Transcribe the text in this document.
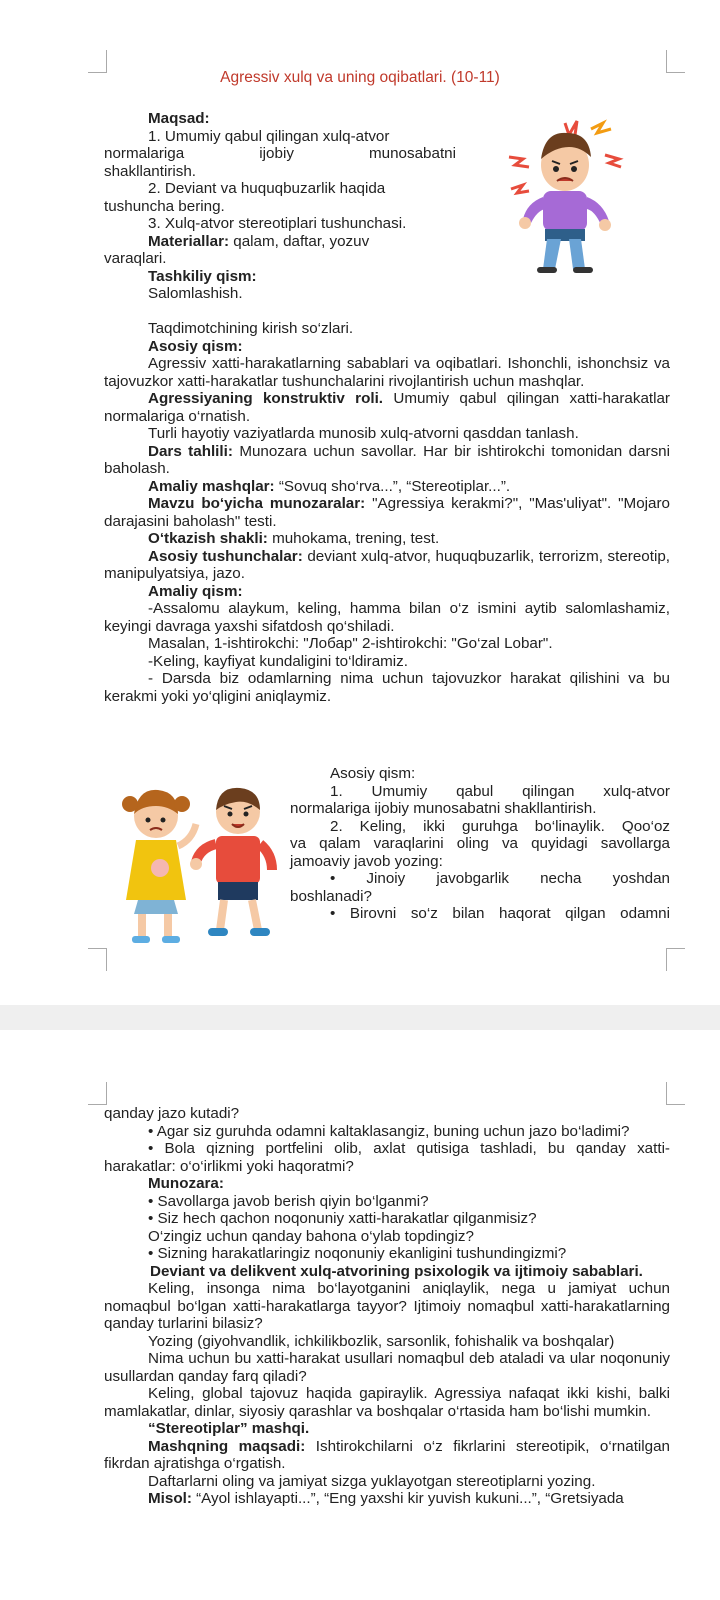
Agressiv xulq va uning oqibatlari. (10-11)

Maqsad:

1. Umumiy qabul qilingan xulq-atvor

normalariga	ijobiy	munosabatni

shakllantirish.

2. Deviant va huquqbuzarlik haqida

tushuncha bering.

3. Xulq-atvor stereotiplari tushunchasi.

Materiallar: qalam, daftar, yozuv

varaqlari.

Tashkiliy qism:

Salomlashish.

Taqdimotchining kirish so‘zlari.

Asosiy qism:

Agressiv xatti-harakatlarning sabablari va oqibatlari. Ishonchli, ishonchsiz va tajovuzkor xatti-harakatlar tushunchalarini rivojlantirish uchun mashqlar.

Agressiyaning konstruktiv roli. Umumiy qabul qilingan xatti-harakatlar normalariga o‘rnatish.

Turli hayotiy vaziyatlarda munosib xulq-atvorni qasddan tanlash.

Dars tahlili: Munozara uchun savollar. Har bir ishtirokchi tomonidan darsni baholash.

Amaliy mashqlar: “Sovuq sho‘rva...”, “Stereotiplar...”.

Mavzu bo‘yicha munozaralar: "Agressiya kerakmi?", "Mas'uliyat". "Mojaro darajasini baholash" testi.

O‘tkazish shakli: muhokama, trening, test.

Asosiy tushunchalar: deviant xulq-atvor, huquqbuzarlik, terrorizm, stereotip, manipulyatsiya, jazo.

Amaliy qism:

-Assalomu alaykum, keling, hamma bilan o‘z ismini aytib salomlashamiz, keyingi davraga yaxshi sifatdosh qo‘shiladi.

Masalan, 1-ishtirokchi: "Лобар" 2-ishtirokchi: "Go‘zal Lobar".

-Keling, kayfiyat kundaligini to‘ldiramiz.

- Darsda biz odamlarning nima uchun tajovuzkor harakat qilishini va bu kerakmi yoki yo‘qligini aniqlaymiz.

Asosiy qism:

1. Umumiy qabul qilingan xulq-atvor

normalariga ijobiy munosabatni shakllantirish.

2. Keling, ikki guruhga bo‘linaylik. Qoo‘oz

va qalam varaqlarini oling va quyidagi savollarga

jamoaviy javob yozing:

• Jinoiy javobgarlik necha yoshdan

boshlanadi?

• Birovni so‘z bilan haqorat qilgan odamni

qanday jazo kutadi?

• Agar siz guruhda odamni kaltaklasangiz, buning uchun jazo bo‘ladimi?

• Bola qizning portfelini olib, axlat qutisiga tashladi, bu qanday xatti-harakatlar: o‘o‘irlikmi yoki haqoratmi?

Munozara:

• Savollarga javob berish qiyin bo‘lganmi?

• Siz hech qachon noqonuniy xatti-harakatlar qilganmisiz?

O‘zingiz uchun qanday bahona o‘ylab topdingiz?

• Sizning harakatlaringiz noqonuniy ekanligini tushundingizmi?

Deviant va delikvent xulq-atvorining psixologik va ijtimoiy sabablari.

Keling, insonga nima bo‘layotganini aniqlaylik, nega u jamiyat uchun nomaqbul bo‘lgan xatti-harakatlarga tayyor? Ijtimoiy nomaqbul xatti-harakatlarning qanday turlarini bilasiz?

Yozing (giyohvandlik, ichkilikbozlik, sarsonlik, fohishalik va boshqalar)

Nima uchun bu xatti-harakat usullari nomaqbul deb ataladi va ular noqonuniy usullardan qanday farq qiladi?

Keling, global tajovuz haqida gapiraylik. Agressiya nafaqat ikki kishi, balki mamlakatlar, dinlar, siyosiy qarashlar va boshqalar o‘rtasida ham bo‘lishi mumkin.

“Stereotiplar” mashqi.

Mashqning maqsadi: Ishtirokchilarni o‘z fikrlarini stereotipik, o‘rnatilgan fikrdan ajratishga o‘rgatish.

Daftarlarni oling va jamiyat sizga yuklayotgan stereotiplarni yozing.

Misol: “Ayol ishlayapti...”, “Eng yaxshi kir yuvish kukuni...”, “Gretsiyada
